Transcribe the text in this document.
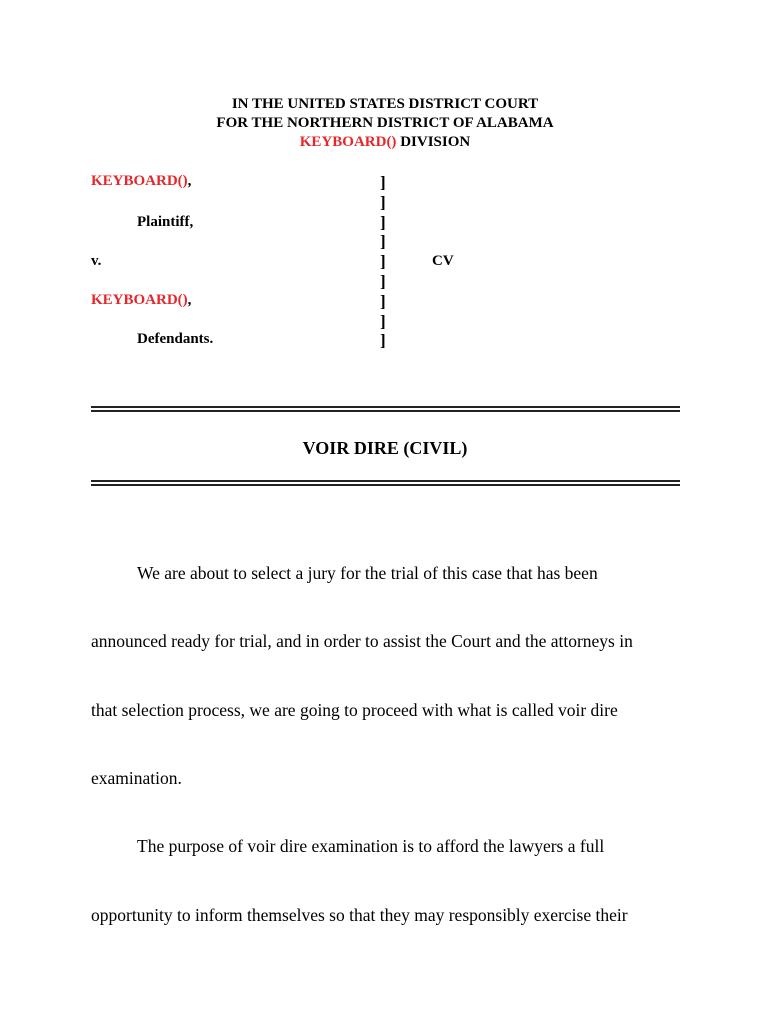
IN THE UNITED STATES DISTRICT COURT
FOR THE NORTHERN DISTRICT OF ALABAMA
KEYBOARD() DIVISION
KEYBOARD(),
Plaintiff,
v.
KEYBOARD(),
Defendants.
CV
]
]
]
]
]
]
]
]
]
VOIR DIRE (CIVIL)
We are about to select a jury for the trial of this case that has been
announced ready for trial, and in order to assist the Court and the attorneys in
that selection process, we are going to proceed with what is called voir dire
examination.
The purpose of voir dire examination is to afford the lawyers a full
opportunity to inform themselves so that they may responsibly exercise their
